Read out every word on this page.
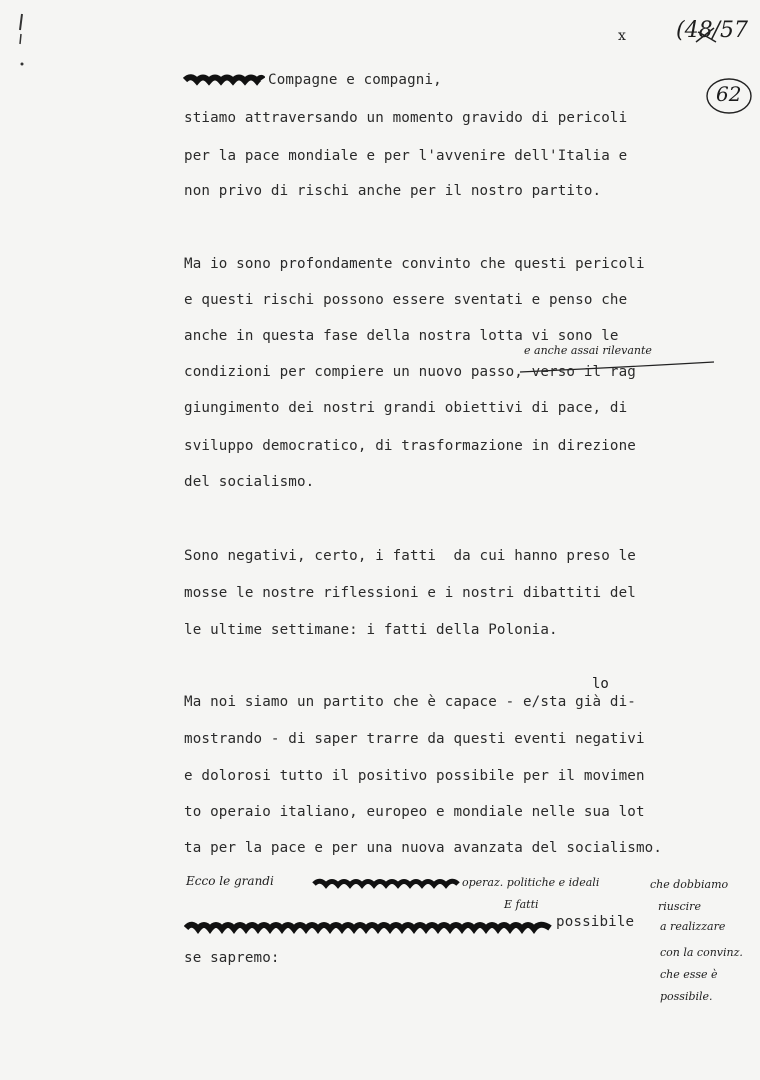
(48/57
x
62
Compagne e compagni,
stiamo attraversando un momento gravido di pericoli
per la pace mondiale e per l'avvenire dell'Italia e
non privo di rischi anche per il nostro partito.
Ma io sono profondamente convinto che questi pericoli
e questi rischi possono essere sventati e penso che
anche in questa fase della nostra lotta vi sono le
e anche assai rilevante
condizioni per compiere un nuovo passo, verso il rag
giungimento dei nostri grandi obiettivi di pace, di
sviluppo democratico, di trasformazione in direzione
del socialismo.
Sono negativi, certo, i fatti  da cui hanno preso le
mosse le nostre riflessioni e i nostri dibattiti del
le ultime settimane: i fatti della Polonia.
lo
Ma noi siamo un partito che è capace - e/sta già di-
mostrando - di saper trarre da questi eventi negativi
e dolorosi tutto il positivo possibile per il movimen
to operaio italiano, europeo e mondiale nelle sua lot
ta per la pace e per una nuova avanzata del socialismo.
Ecco le grandi	operaz. politiche e ideali
E fatti
possibile
se sapremo:
che dobbiamo
riuscire
a realizzare
con la convinz.
che esse è
possibile.
